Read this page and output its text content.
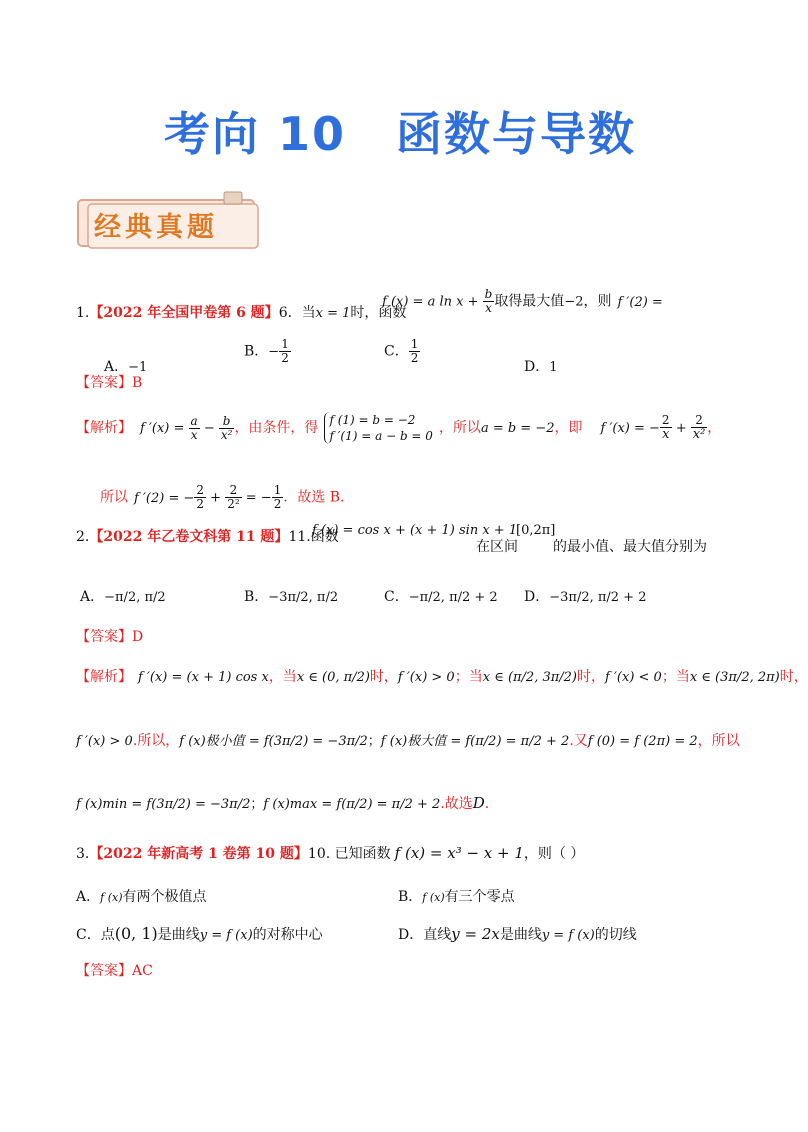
考向 10 函数与导数
经典真题
1.【2022 年全国甲卷第 6 题】6．当x = 1时，函数
f (x) = a $\ln x + \frac{b}{x}$ 取得最大值−2，则 f ′(2) =
A．−1
B．− $\frac{1}{2}$	C． $\frac{1}{2}$
D．1
【答案】B
【解析】 f $'(x) = \frac{a}{x} - \frac{b}{\text{x²}}$ ，由条件，得
f (1) = b = −2
f ′(1) = a − b = 0 ，所以a = b = −2，即 f ′(x) = − $\frac{2}{x} + \frac{2}{\text{x²}}$ ，
所以 f ′(2) = − $\frac{2}{2} + \frac{2}{\text{2²}}$ = − $\frac{1}{2}$ ．故选 B.
2.【2022 年乙卷文科第 11 题】11.函数
f (x) = cos x + (x + 1) sin x + 1
在区间
[0,2π]
的最小值、最大值分别为
A．−π/2, π/2	B．−3π/2, π/2	C．−π/2, π/2 + 2 D．−3π/2, π/2 + 2
【答案】D
【解析】 f ′(x) = (x + 1) cos x，当x ∈ (0, π/2)时，f ′(x) > 0；当x ∈ (π/2, 3π/2)时，f ′(x) < 0；当x ∈ (3π/2, 2π)时，
f ′(x) > 0.所以，f (x)极小值 = f(3π/2) = −3π/2；f (x)极大值 = f(π/2) = π/2 + 2.又f (0) = f (2π) = 2，所以
f (x)min = f(3π/2) = −3π/2；f (x)max = f(π/2) = π/2 + 2.故选D.
3.【2022 年新高考 1 卷第 10 题】10. 已知函数 f (x) = x³ − x + 1，则（ ）
A．f (x)有两个极值点	B．f (x)有三个零点
C．点(0, 1)是曲线y = f (x)的对称中心	D．直线y = 2x是曲线y = f (x)的切线
【答案】AC
